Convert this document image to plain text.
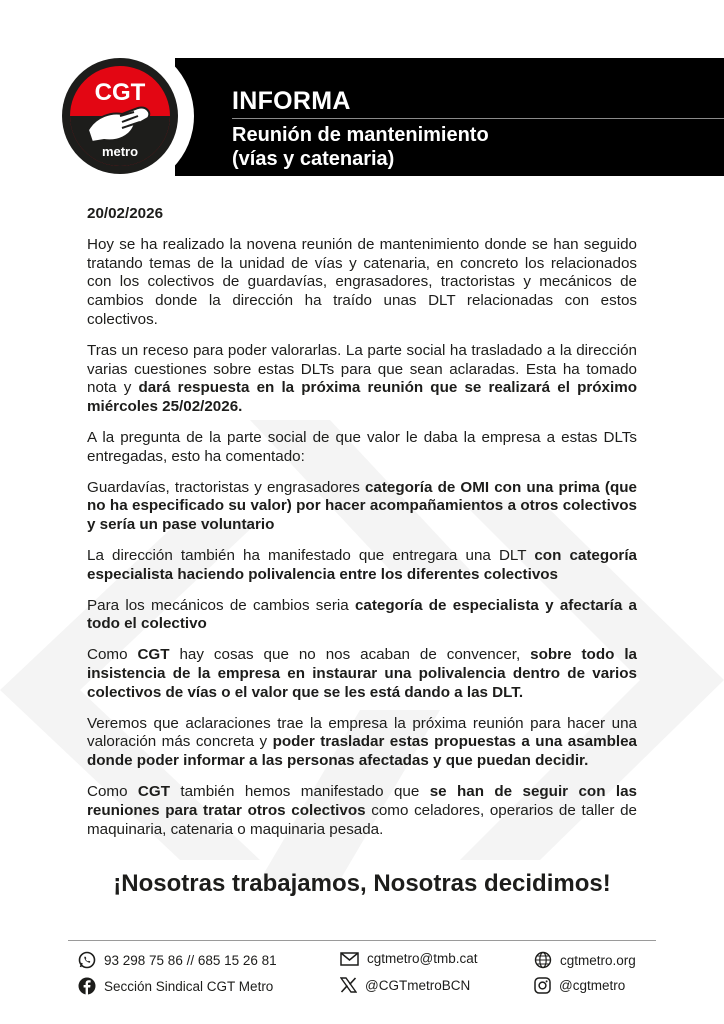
CGT
metro
INFORMA
Reunión de mantenimiento
(vías y catenaria)

20/02/2026

Hoy se ha realizado la novena reunión de mantenimiento donde se han seguido tratando temas de la unidad de vías y catenaria, en concreto los relacionados con los colectivos de guardavías, engrasadores, tractoristas y mecánicos de cambios donde la dirección ha traído unas DLT relacionadas con estos colectivos.

Tras un receso para poder valorarlas. La parte social ha trasladado a la dirección varias cuestiones sobre estas DLTs para que sean aclaradas. Esta ha tomado nota y dará respuesta en la próxima reunión que se realizará el próximo miércoles 25/02/2026.

A la pregunta de la parte social de que valor le daba la empresa a estas DLTs entregadas, esto ha comentado:

Guardavías, tractoristas y engrasadores categoría de OMI con una prima (que no ha especificado su valor) por hacer acompañamientos a otros colectivos y sería un pase voluntario

La dirección también ha manifestado que entregara una DLT con categoría especialista haciendo polivalencia entre los diferentes colectivos

Para los mecánicos de cambios seria categoría de especialista y afectaría a todo el colectivo

Como CGT hay cosas que no nos acaban de convencer, sobre todo la insistencia de la empresa en instaurar una polivalencia dentro de varios colectivos de vías o el valor que se les está dando a las DLT.

Veremos que aclaraciones trae la empresa la próxima reunión para hacer una valoración más concreta y poder trasladar estas propuestas a una asamblea donde poder informar a las personas afectadas y que puedan decidir.

Como CGT también hemos manifestado que se han de seguir con las reuniones para tratar otros colectivos como celadores, operarios de taller de maquinaria, catenaria o maquinaria pesada.

¡Nosotras trabajamos, Nosotras decidimos!
93 298 75 86 // 685 15 26 81	cgtmetro@tmb.cat	cgtmetro.org
Sección Sindical CGT Metro	@CGTmetroBCN	@cgtmetro
